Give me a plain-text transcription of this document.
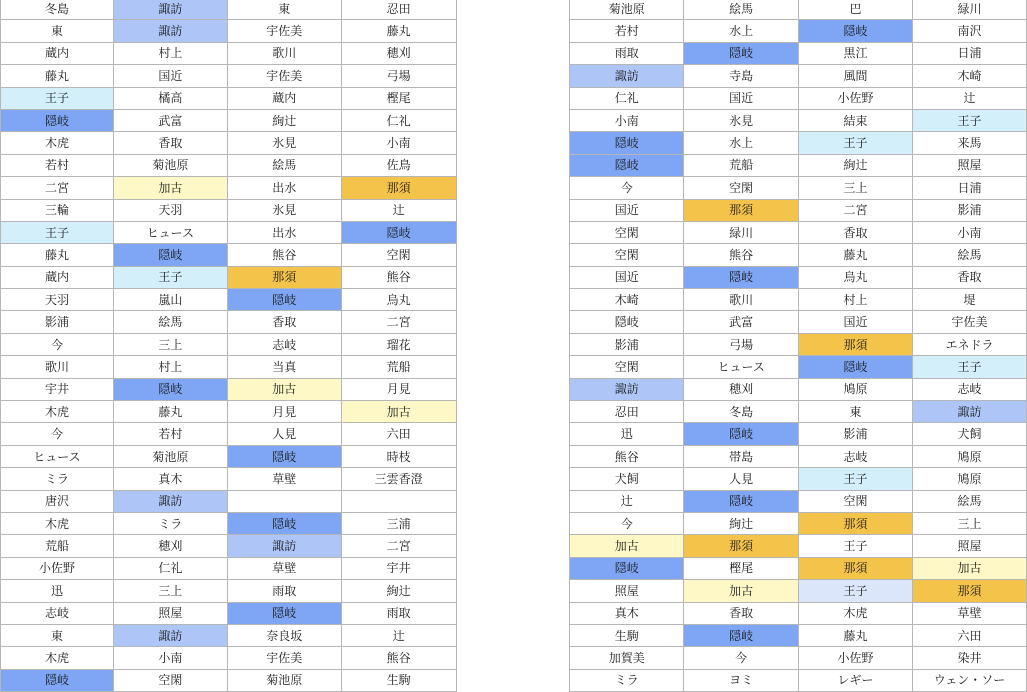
冬島	諏訪	東	忍田		菊池原	絵馬	巴	緑川
東	諏訪	宇佐美	藤丸		若村	水上	隠岐	南沢
蔵内	村上	歌川	穂刈		雨取	隠岐	黒江	日浦
藤丸	国近	宇佐美	弓場		諏訪	寺島	風間	木崎
王子	橘高	蔵内	樫尾		仁礼	国近	小佐野	辻
隠岐	武富	絢辻	仁礼		小南	氷見	結束	王子
木虎	香取	氷見	小南		隠岐	水上	王子	来馬
若村	菊池原	絵馬	佐鳥		隠岐	荒船	絢辻	照屋
二宮	加古	出水	那須		今	空閑	三上	日浦
三輪	天羽	氷見	辻		国近	那須	二宮	影浦
王子	ヒュース	出水	隠岐		空閑	緑川	香取	小南
藤丸	隠岐	熊谷	空閑		空閑	熊谷	藤丸	絵馬
蔵内	王子	那須	熊谷		国近	隠岐	烏丸	香取
天羽	嵐山	隠岐	烏丸		木崎	歌川	村上	堤
影浦	絵馬	香取	二宮		隠岐	武富	国近	宇佐美
今	三上	志岐	瑠花		影浦	弓場	那須	エネドラ
歌川	村上	当真	荒船		空閑	ヒュース	隠岐	王子
宇井	隠岐	加古	月見		諏訪	穂刈	鳩原	志岐
木虎	藤丸	月見	加古		忍田	冬島	東	諏訪
今	若村	人見	六田		迅	隠岐	影浦	犬飼
ヒュース	菊池原	隠岐	時枝		熊谷	帯島	志岐	鳩原
ミラ	真木	草壁	三雲香澄		犬飼	人見	王子	鳩原
唐沢	諏訪				辻	隠岐	空閑	絵馬
木虎	ミラ	隠岐	三浦		今	絢辻	那須	三上
荒船	穂刈	諏訪	二宮		加古	那須	王子	照屋
小佐野	仁礼	草壁	宇井		隠岐	樫尾	那須	加古
迅	三上	雨取	絢辻		照屋	加古	王子	那須
志岐	照屋	隠岐	雨取		真木	香取	木虎	草壁
東	諏訪	奈良坂	辻		生駒	隠岐	藤丸	六田
木虎	小南	宇佐美	熊谷		加賀美	今	小佐野	染井
隠岐	空閑	菊池原	生駒		ミラ	ヨミ	レギー	ウェン・ソー
